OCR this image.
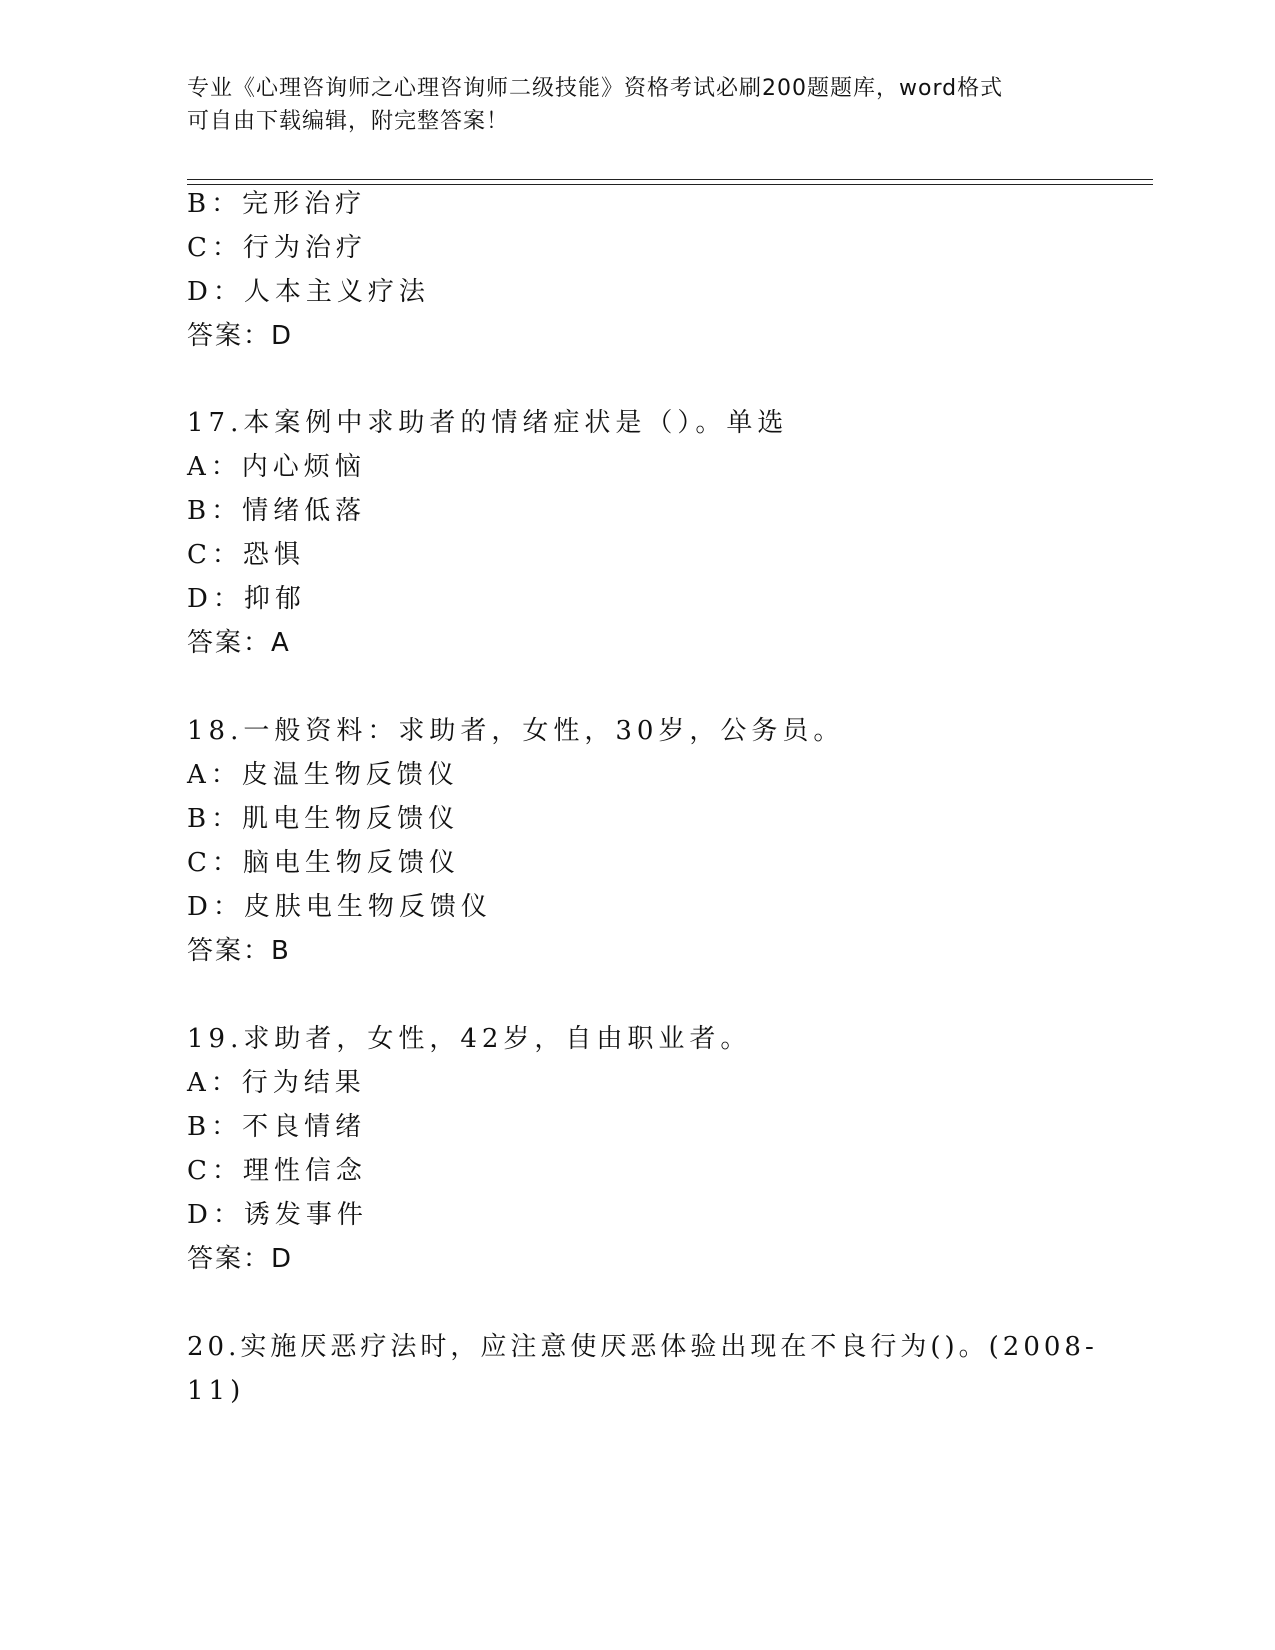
专业《心理咨询师之心理咨询师二级技能》资格考试必刷200题题库，word格式
可自由下载编辑，附完整答案！
B：完形治疗
C：行为治疗
D：人本主义疗法
答案：D
17.本案例中求助者的情绪症状是（）。单选
A：内心烦恼
B：情绪低落
C：恐惧
D：抑郁
答案：A
18.一般资料：求助者，女性，30岁，公务员。
A：皮温生物反馈仪
B：肌电生物反馈仪
C：脑电生物反馈仪
D：皮肤电生物反馈仪
答案：B
19.求助者，女性，42岁，自由职业者。
A：行为结果
B：不良情绪
C：理性信念
D：诱发事件
答案：D
20.实施厌恶疗法时，应注意使厌恶体验出现在不良行为()。(2008-
11)
